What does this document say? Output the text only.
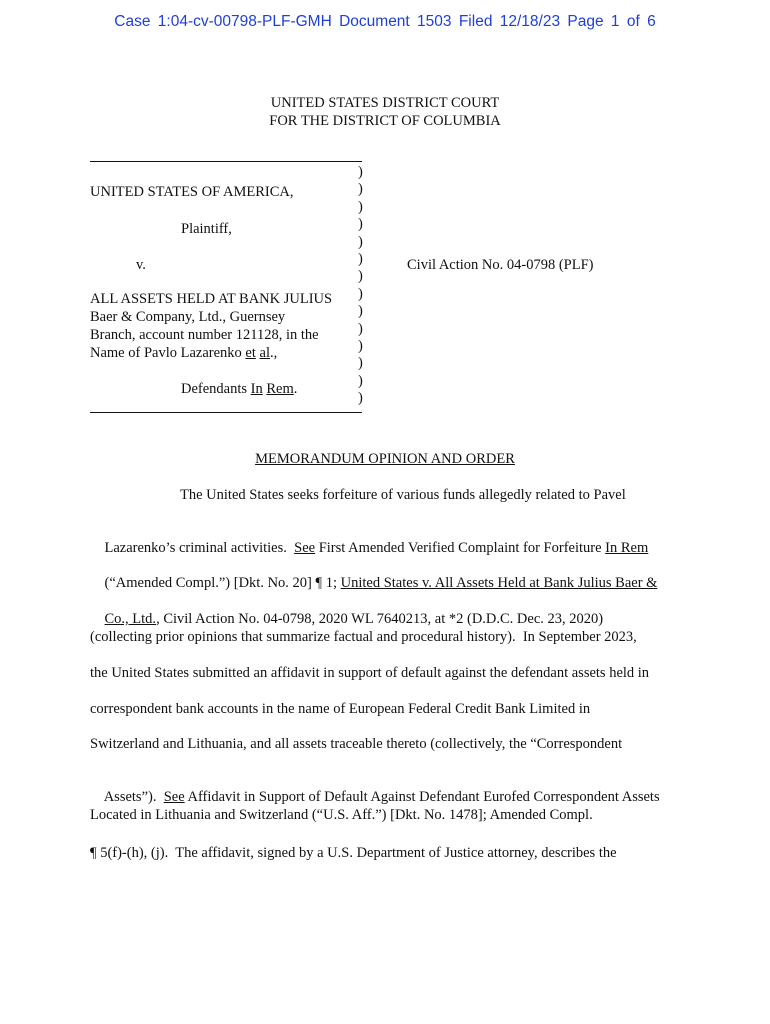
Case 1:04-cv-00798-PLF-GMH Document 1503 Filed 12/18/23 Page 1 of 6
UNITED STATES DISTRICT COURT
FOR THE DISTRICT OF COLUMBIA
)
)
)
)
)
)
)
)
)
)
)
)
)
)
UNITED STATES OF AMERICA,
Plaintiff,
v.	Civil Action No. 04-0798 (PLF)
ALL ASSETS HELD AT BANK JULIUS
Baer & Company, Ltd., Guernsey
Branch, account number 121128, in the
Name of Pavlo Lazarenko et al.,
Defendants In Rem.
MEMORANDUM OPINION AND ORDER

The United States seeks forfeiture of various funds allegedly related to Pavel

Lazarenko’s criminal activities.  See First Amended Verified Complaint for Forfeiture In Rem

(“Amended Compl.”) [Dkt. No. 20] ¶ 1; United States v. All Assets Held at Bank Julius Baer &

Co., Ltd., Civil Action No. 04-0798, 2020 WL 7640213, at *2 (D.D.C. Dec. 23, 2020)

(collecting prior opinions that summarize factual and procedural history).  In September 2023,

the United States submitted an affidavit in support of default against the defendant assets held in

correspondent bank accounts in the name of European Federal Credit Bank Limited in

Switzerland and Lithuania, and all assets traceable thereto (collectively, the “Correspondent

Assets”).  See Affidavit in Support of Default Against Defendant Eurofed Correspondent Assets

Located in Lithuania and Switzerland (“U.S. Aff.”) [Dkt. No. 1478]; Amended Compl.

¶ 5(f)-(h), (j).  The affidavit, signed by a U.S. Department of Justice attorney, describes the
